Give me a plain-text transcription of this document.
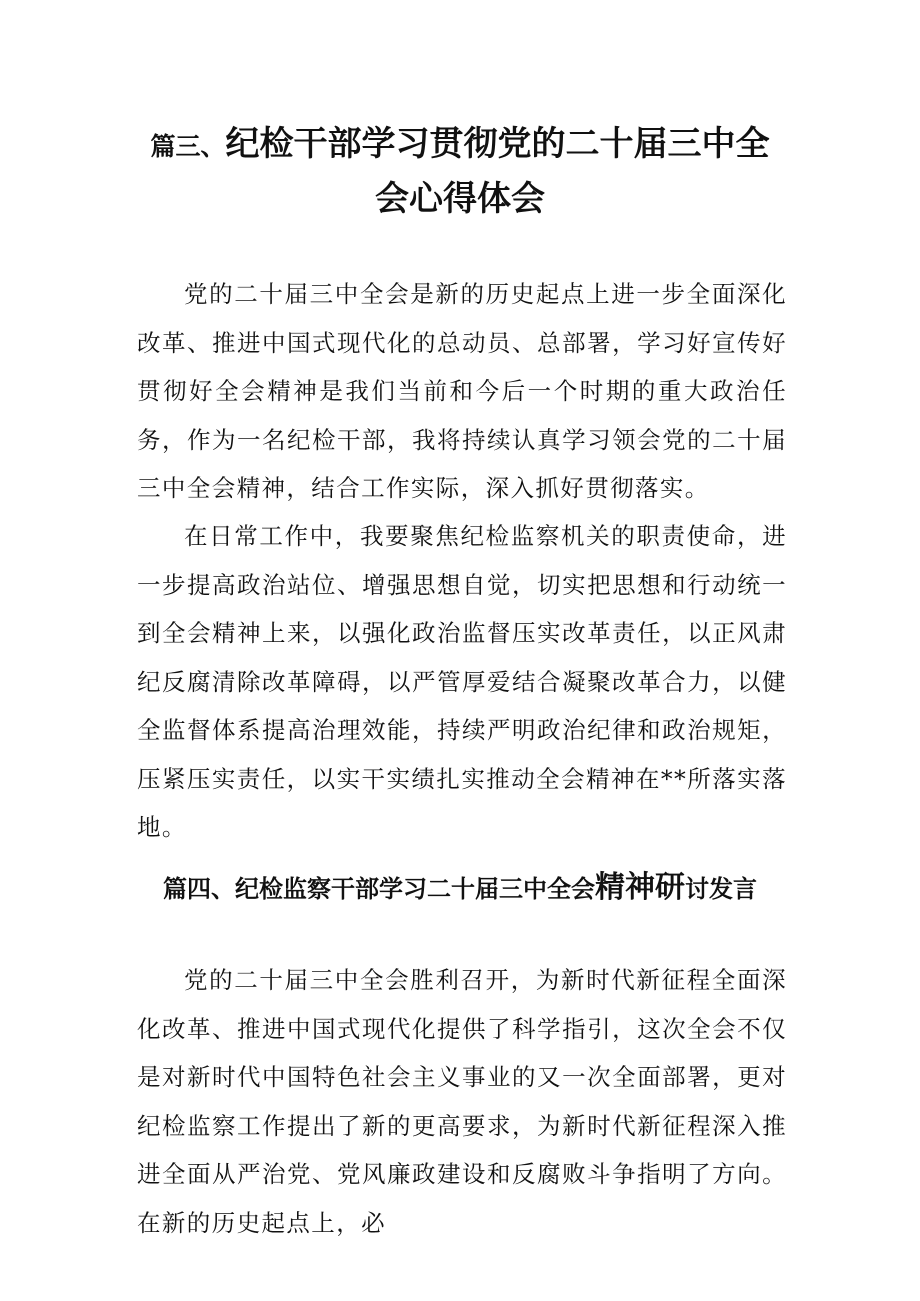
篇三、纪检干部学习贯彻党的二十届三中全
会心得体会

党的二十届三中全会是新的历史起点上进一步全面深化改革、推进中国式现代化的总动员、总部署，学习好宣传好贯彻好全会精神是我们当前和今后一个时期的重大政治任务，作为一名纪检干部，我将持续认真学习领会党的二十届三中全会精神，结合工作实际，深入抓好贯彻落实。

在日常工作中，我要聚焦纪检监察机关的职责使命，进一步提高政治站位、增强思想自觉，切实把思想和行动统一到全会精神上来，以强化政治监督压实改革责任，以正风肃纪反腐清除改革障碍，以严管厚爱结合凝聚改革合力，以健全监督体系提高治理效能，持续严明政治纪律和政治规矩，压紧压实责任，以实干实绩扎实推动全会精神在**所落实落地。

篇四、纪检监察干部学习二十届三中全会精神研讨发言

党的二十届三中全会胜利召开，为新时代新征程全面深化改革、推进中国式现代化提供了科学指引，这次全会不仅是对新时代中国特色社会主义事业的又一次全面部署，更对纪检监察工作提出了新的更高要求，为新时代新征程深入推进全面从严治党、党风廉政建设和反腐败斗争指明了方向。在新的历史起点上，必
